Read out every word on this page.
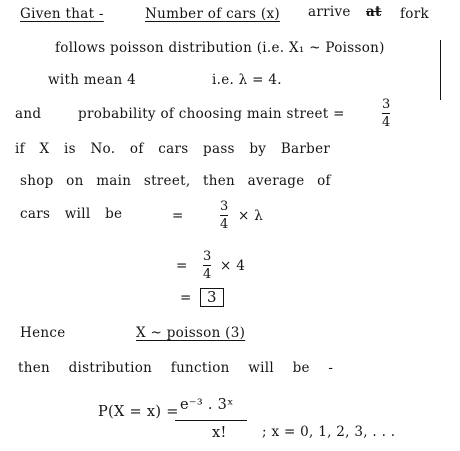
Given that -	Number of cars (x) arrive at fork
follows poisson distribution (i.e. X₁ ~ Poisson)
with mean 4	i.e. λ = 4.
and	probability of choosing main street =
3
4
if X is No. of cars pass by Barber
shop on main street, then average of
cars will be	=
3
4
× λ
=
3
4
× 4
=	3
Hence	X ~ poisson (3)
then distribution function will be -
P(X = x) = e⁻³ . 3ˣ
x!	; x = 0, 1, 2, 3, . . .
